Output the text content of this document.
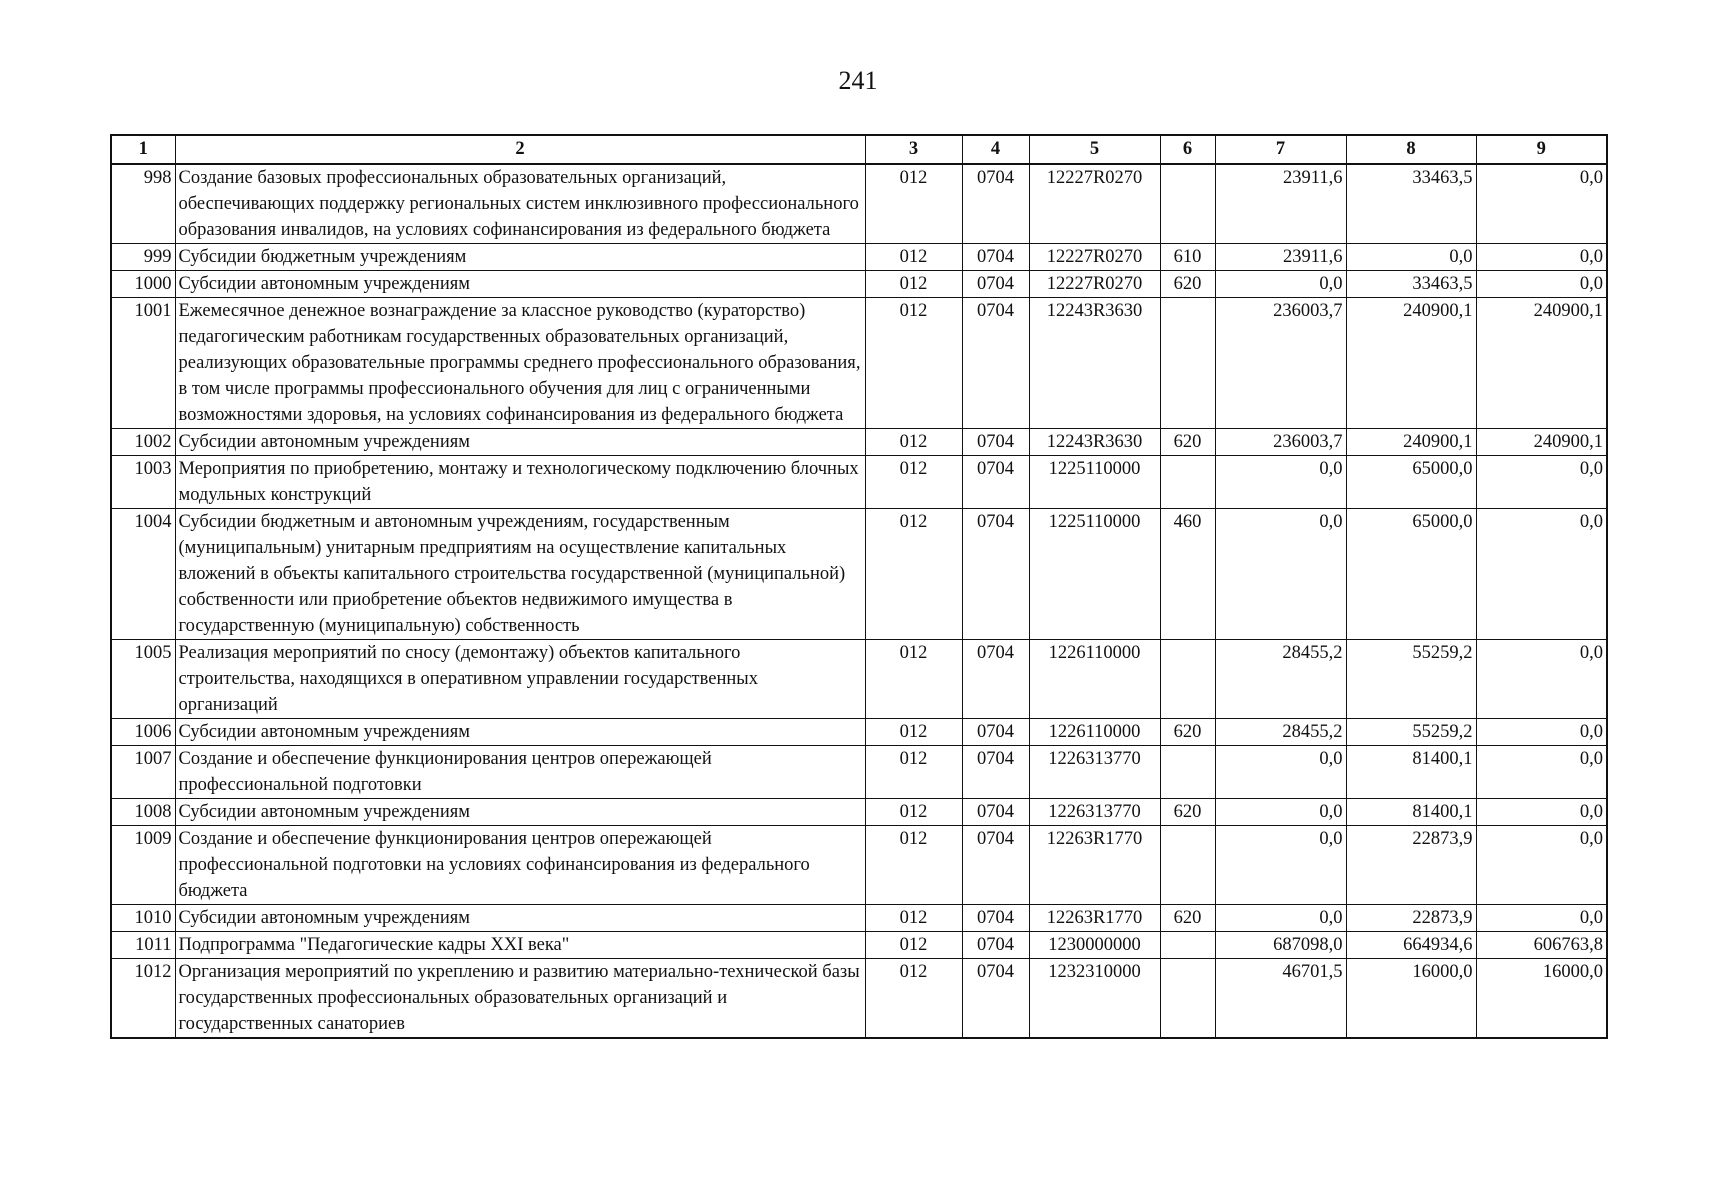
241
1	2	3	4	5	6	7	8	9
998	Создание базовых профессиональных образовательных организаций, обеспечивающих поддержку региональных систем инклюзивного профессионального образования инвалидов, на условиях софинансирования из федерального бюджета	012	0704	12227R0270		23911,6	33463,5	0,0
999	Субсидии бюджетным учреждениям	012	0704	12227R0270	610	23911,6	0,0	0,0
1000	Субсидии автономным учреждениям	012	0704	12227R0270	620	0,0	33463,5	0,0
1001	Ежемесячное денежное вознаграждение за классное руководство (кураторство) педагогическим работникам государственных образовательных организаций, реализующих образовательные программы среднего профессионального образования, в том числе программы профессионального обучения для лиц с ограниченными возможностями здоровья, на условиях софинансирования из федерального бюджета	012	0704	12243R3630		236003,7	240900,1	240900,1
1002	Субсидии автономным учреждениям	012	0704	12243R3630	620	236003,7	240900,1	240900,1
1003	Мероприятия по приобретению, монтажу и технологическому подключению блочных модульных конструкций	012	0704	1225110000		0,0	65000,0	0,0
1004	Субсидии бюджетным и автономным учреждениям, государственным (муниципальным) унитарным предприятиям на осуществление капитальных вложений в объекты капитального строительства государственной (муниципальной) собственности или приобретение объектов недвижимого имущества в государственную (муниципальную) собственность	012	0704	1225110000	460	0,0	65000,0	0,0
1005	Реализация мероприятий по сносу (демонтажу) объектов капитального строительства, находящихся в оперативном управлении государственных организаций	012	0704	1226110000		28455,2	55259,2	0,0
1006	Субсидии автономным учреждениям	012	0704	1226110000	620	28455,2	55259,2	0,0
1007	Создание и обеспечение функционирования центров опережающей профессиональной подготовки	012	0704	1226313770		0,0	81400,1	0,0
1008	Субсидии автономным учреждениям	012	0704	1226313770	620	0,0	81400,1	0,0
1009	Создание и обеспечение функционирования центров опережающей профессиональной подготовки на условиях софинансирования из федерального бюджета	012	0704	12263R1770		0,0	22873,9	0,0
1010	Субсидии автономным учреждениям	012	0704	12263R1770	620	0,0	22873,9	0,0
1011	Подпрограмма "Педагогические кадры XXI века"	012	0704	1230000000		687098,0	664934,6	606763,8
1012	Организация мероприятий по укреплению и развитию материально-технической базы государственных профессиональных образовательных организаций и государственных санаториев	012	0704	1232310000		46701,5	16000,0	16000,0
